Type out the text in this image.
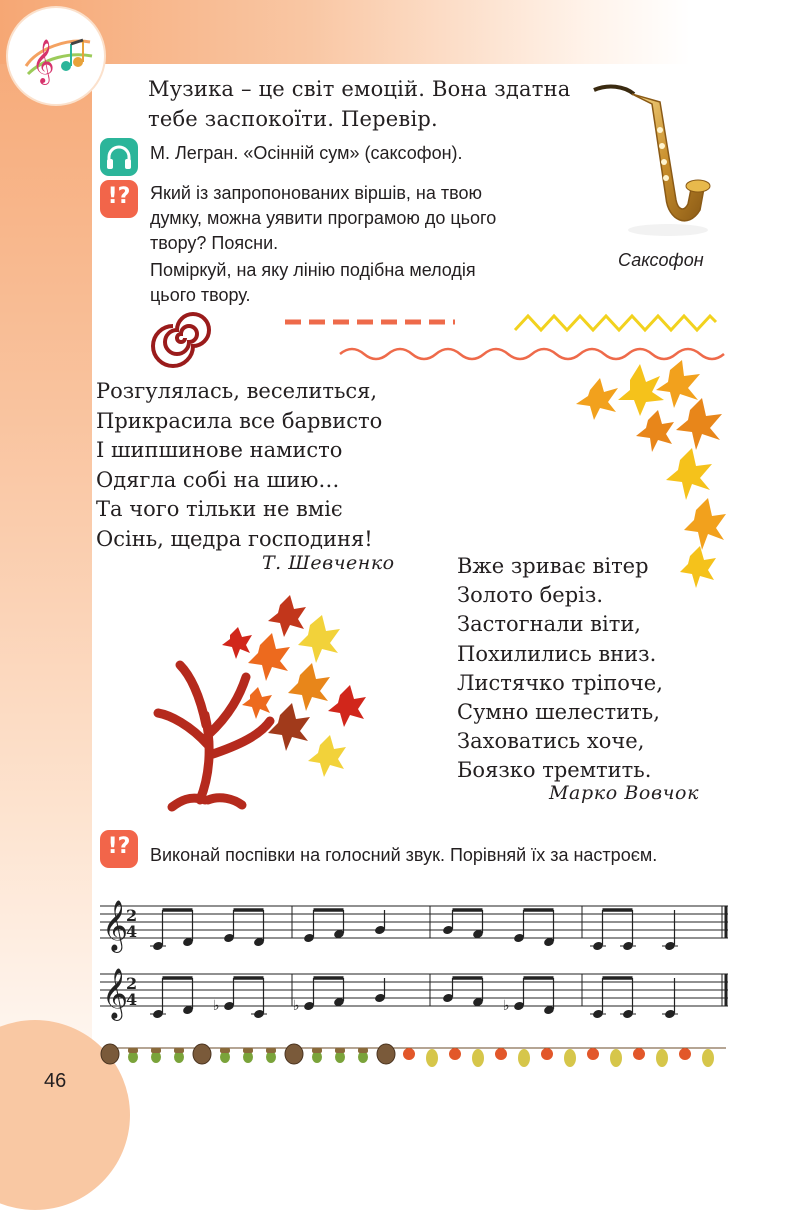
𝄞
Музика – це світ емоцій. Вона здатна
тебе заспокоїти. Перевір.
М. Легран. «Осінній сум» (саксофон).
!?	Який із запропонованих віршів, на твою

думку, можна уявити програмою до цього

твору? Поясни.

Поміркуй, на яку лінію подібна мелодія

цього твору.

Саксофон
Розгулялась, веселиться,
Прикрасила все барвисто
І шипшинове намисто
Одягла собі на шию…
Та чого тільки не вміє
Осінь, щедра господиня!
Т. Шевченко	Вже зриває вітер
Золото беріз.
Застогнали віти,
Похилились вниз.
Листячко тріпоче,
Сумно шелестить,
Заховатись хоче,
Боязко тремтить.
Марко Вовчок
!?	Виконай поспівки на голосний звук. Порівняй їх за настроєм.
𝄞
2
4
𝄞
2
4	♭	♭	♭
46
